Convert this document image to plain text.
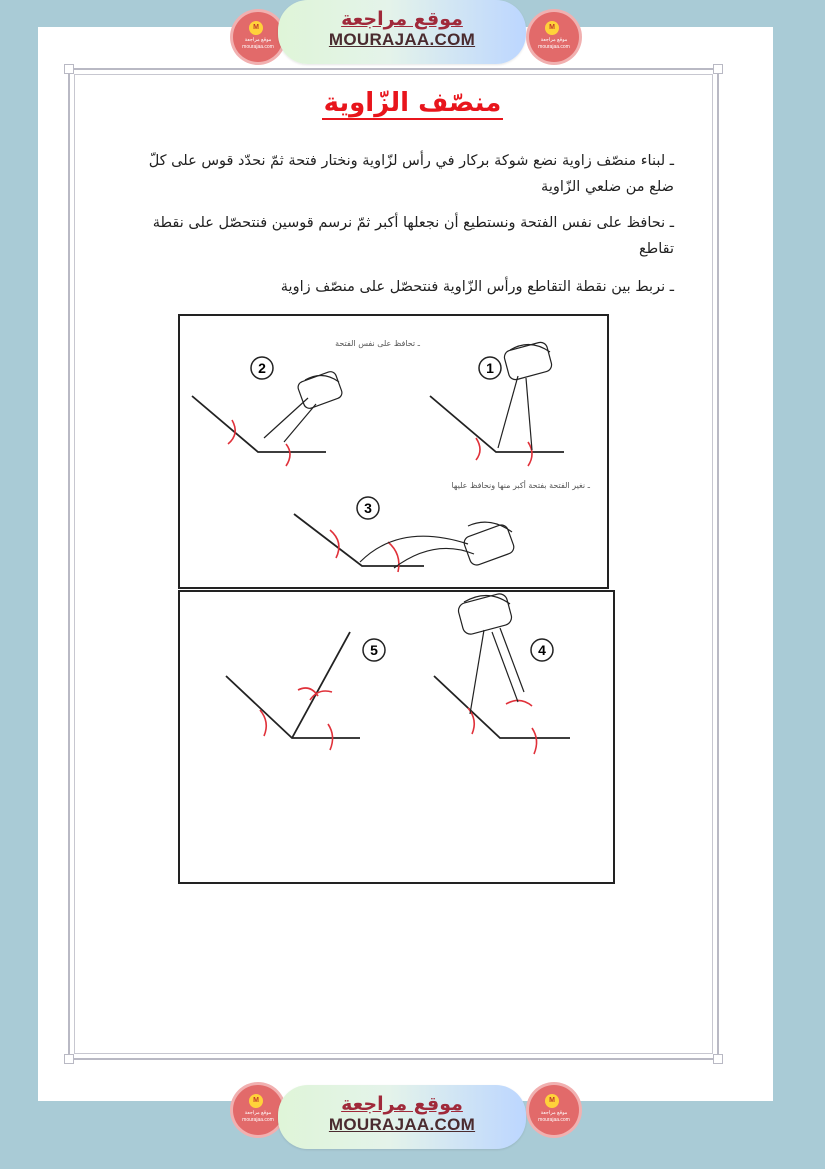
M
موقع مراجعة
mourajaa.com
موقع مراجعة
MOURAJAA.COM
M
موقع مراجعة
mourajaa.com
منصّف الزّاوية
ـ لبناء منصّف زاوية نضع شوكة بركار في رأس لزّاوية ونختار فتحة ثمّ نحدّد قوس على كلّ ضلع من ضلعي الزّاوية
ـ نحافظ على نفس الفتحة ونستطيع أن نجعلها أكبر ثمّ نرسم قوسين فنتحصّل على نقطة تقاطع
ـ نربط بين نقطة التقاطع ورأس الزّاوية فنتحصّل على منصّف زاوية
ـ تحافظ على نفس الفتحة
ـ نغير الفتحة بفتحة أكبر منها ونحافظ عليها
2	1
3
5	4
M
موقع مراجعة
mourajaa.com
موقع مراجعة
MOURAJAA.COM
M
موقع مراجعة
mourajaa.com
